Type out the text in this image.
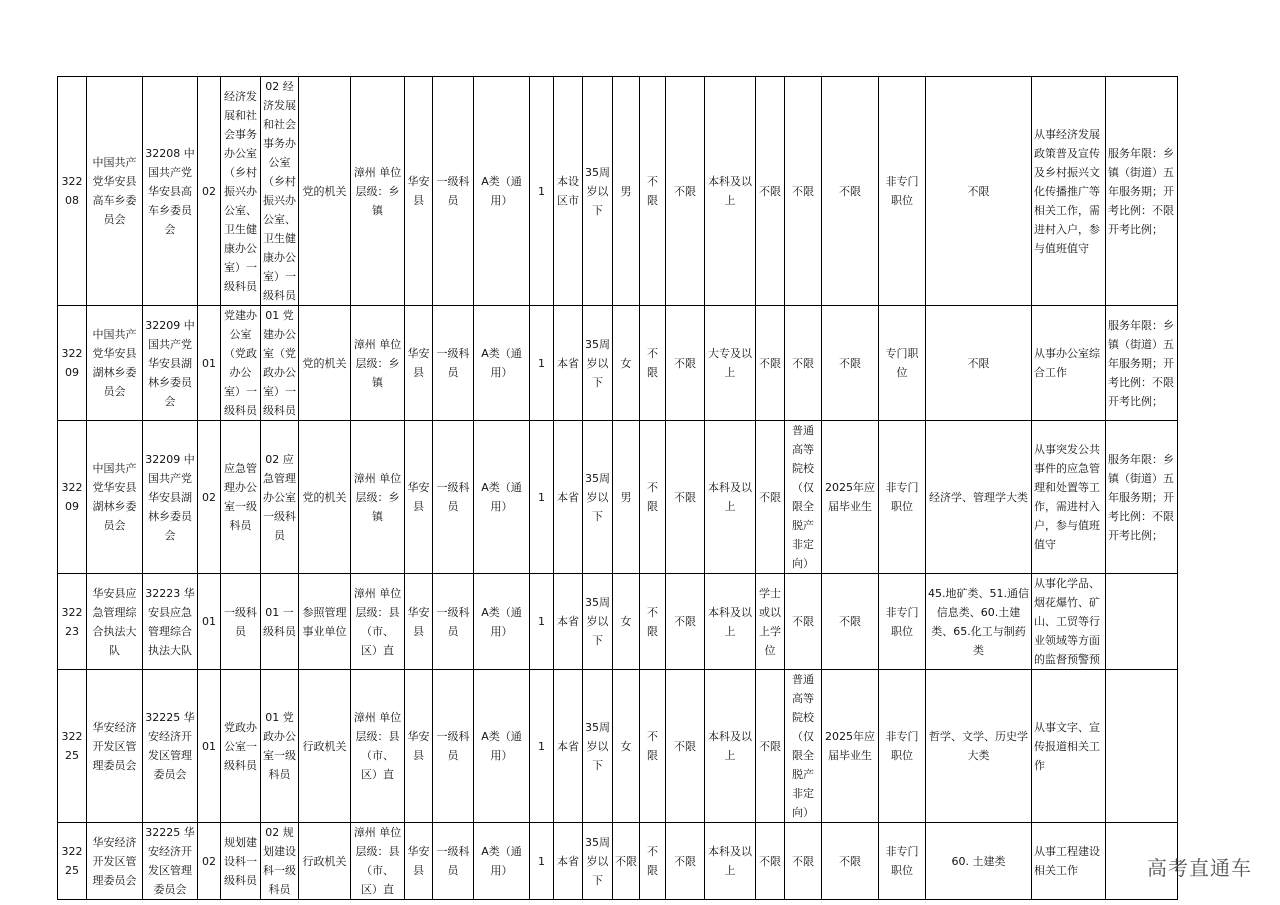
32208	中国共产党华安县高车乡委员会	32208 中国共产党华安县高车乡委员会	02	经济发展和社会事务办公室（乡村振兴办公室、卫生健康办公室）一级科员	02 经济发展和社会事务办公室（乡村振兴办公室、卫生健康办公室）一级科员	党的机关	漳州 单位层级：乡镇	华安县	一级科员	A类（通用）	1	本设区市	35周岁以下	男	不限	不限	本科及以上	不限	不限	不限	非专门职位	不限	从事经济发展政策普及宣传及乡村振兴文化传播推广等相关工作，需进村入户，参与值班值守	服务年限：乡镇（街道）五年服务期；开考比例：不限开考比例；
32209	中国共产党华安县湖林乡委员会	32209 中国共产党华安县湖林乡委员会	01	党建办公室（党政办公室）一级科员	01 党建办公室（党政办公室）一级科员	党的机关	漳州 单位层级：乡镇	华安县	一级科员	A类（通用）	1	本省	35周岁以下	女	不限	不限	大专及以上	不限	不限	不限	专门职位	不限	从事办公室综合工作	服务年限：乡镇（街道）五年服务期；开考比例：不限开考比例；
32209	中国共产党华安县湖林乡委员会	32209 中国共产党华安县湖林乡委员会	02	应急管理办公室一级科员	02 应急管理办公室一级科员	党的机关	漳州 单位层级：乡镇	华安县	一级科员	A类（通用）	1	本省	35周岁以下	男	不限	不限	本科及以上	不限	普通高等院校（仅限全脱产非定向）	2025年应届毕业生	非专门职位	经济学、管理学大类	从事突发公共事件的应急管理和处置等工作，需进村入户，参与值班值守	服务年限：乡镇（街道）五年服务期；开考比例：不限开考比例；
32223	华安县应急管理综合执法大队	32223 华安县应急管理综合执法大队	01	一级科员	01 一级科员	参照管理事业单位	漳州 单位层级：县（市、区）直	华安县	一级科员	A类（通用）	1	本省	35周岁以下	女	不限	不限	本科及以上	学士或以上学位	不限	不限	非专门职位	45.地矿类、51.通信信息类、60.土建类、65.化工与制药类	从事化学品、烟花爆竹、矿山、工贸等行业领域等方面的监督预警预	
32225	华安经济开发区管理委员会	32225 华安经济开发区管理委员会	01	党政办公室一级科员	01 党政办公室一级科员	行政机关	漳州 单位层级：县（市、区）直	华安县	一级科员	A类（通用）	1	本省	35周岁以下	女	不限	不限	本科及以上	不限	普通高等院校（仅限全脱产非定向）	2025年应届毕业生	非专门职位	哲学、文学、历史学大类	从事文字、宣传报道相关工作	
32225	华安经济开发区管理委员会	32225 华安经济开发区管理委员会	02	规划建设科一级科员	02 规划建设科一级科员	行政机关	漳州 单位层级：县（市、区）直	华安县	一级科员	A类（通用）	1	本省	35周岁以下	不限	不限	不限	本科及以上	不限	不限	不限	非专门职位	60. 土建类	从事工程建设相关工作		高考直通车
